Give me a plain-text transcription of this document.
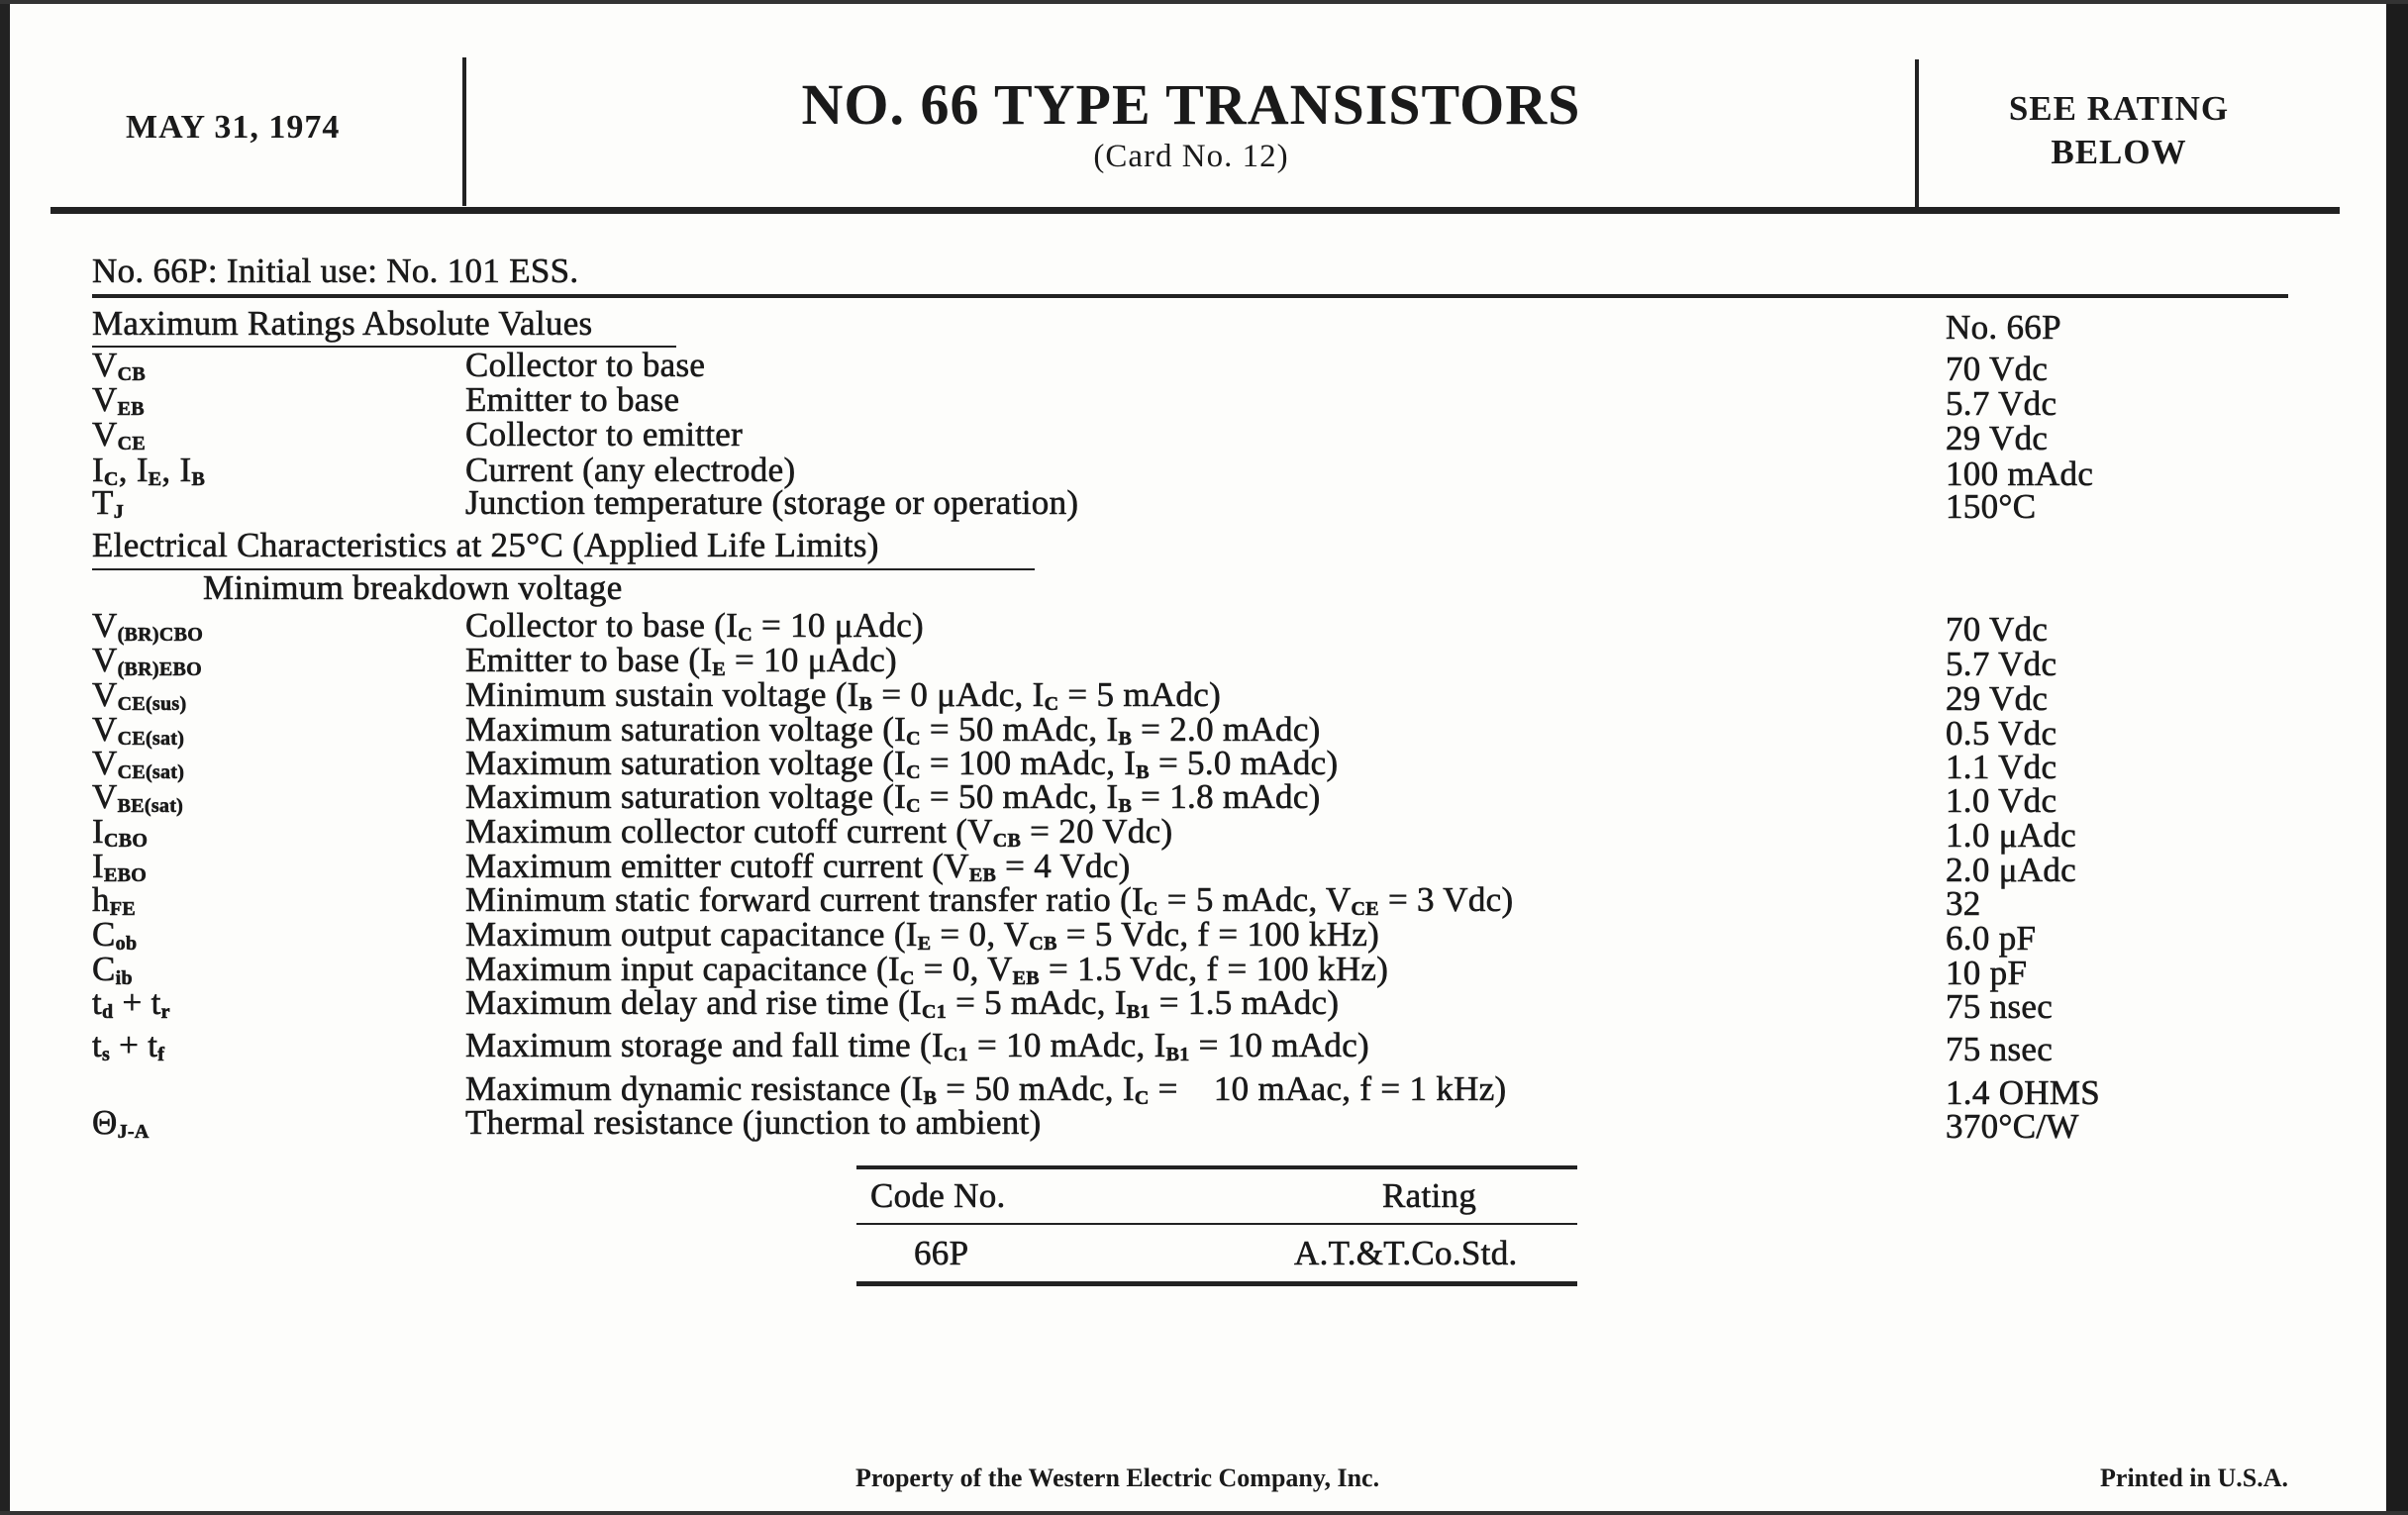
MAY 31, 1974	NO. 66 TYPE TRANSISTORS
(Card No. 12)
SEE RATING
BELOW
No. 66P: Initial use: No. 101 ESS.
Maximum Ratings Absolute Values	No. 66P
Electrical Characteristics at 25°C (Applied Life Limits)
Minimum breakdown voltage
$V_{CB}$	Collector to base	70 Vdc
$V_{EB}$	Emitter to base	5.7 Vdc
$V_{CE}$	Collector to emitter	29 Vdc
$I_C$, $I_E$, $I_B$	Current (any electrode)	100 mAdc
$T_J$	Junction temperature (storage or operation)	150°C
$V_{(BR)CBO}$	Collector to base ($I_C = 10$ μAdc)	70 Vdc
$V_{(BR)EBO}$	Emitter to base ($I_E = 10$ μAdc)	5.7 Vdc
$V_{CE(sus)}$	Minimum sustain voltage ($I_B = 0$ μAdc, $I_C = 5$ mAdc)	29 Vdc
$V_{CE(sat)}$	Maximum saturation voltage ($I_C = 50$ mAdc, $I_B = 2.0$ mAdc)	0.5 Vdc
$V_{CE(sat)}$	Maximum saturation voltage ($I_C = 100$ mAdc, $I_B = 5.0$ mAdc)	1.1 Vdc
$V_{BE(sat)}$	Maximum saturation voltage ($I_C = 50$ mAdc, $I_B = 1.8$ mAdc)	1.0 Vdc
$I_{CBO}$	Maximum collector cutoff current ($V_{CB} = 20$ Vdc)	1.0 μAdc
$I_{EBO}$	Maximum emitter cutoff current ($V_{EB} = 4$ Vdc)	2.0 μAdc
$h_{FE}$	Minimum static forward current transfer ratio ($I_C = 5$ mAdc, $V_{CE} = 3$ Vdc)	32
$C_{ob}$	Maximum output capacitance ($I_E = 0$, $V_{CB} = 5$ Vdc, f = 100 kHz)	6.0 pF
$C_{ib}$	Maximum input capacitance ($I_C = 0$, $V_{EB} = 1.5$ Vdc, f = 100 kHz)	10 pF
$t_d + t_r$	Maximum delay and rise time ($I_{C1} = 5$ mAdc, $I_{B1} = 1.5$ mAdc)	75 nsec
$t_s + t_f$	Maximum storage and fall time ($I_{C1} = 10$ mAdc, $I_{B1} = 10$ mAdc)	75 nsec
Maximum dynamic resistance ($I_B = 50$ mAdc, $I_C$ =    10 mAac, f = 1 kHz)	1.4 OHMS
$\Theta_{J-A}$	Thermal resistance (junction to ambient)	370°C/W
Code No.	Rating
66P	A.T.&T.Co.Std.
Property of the Western Electric Company, Inc.	Printed in U.S.A.
